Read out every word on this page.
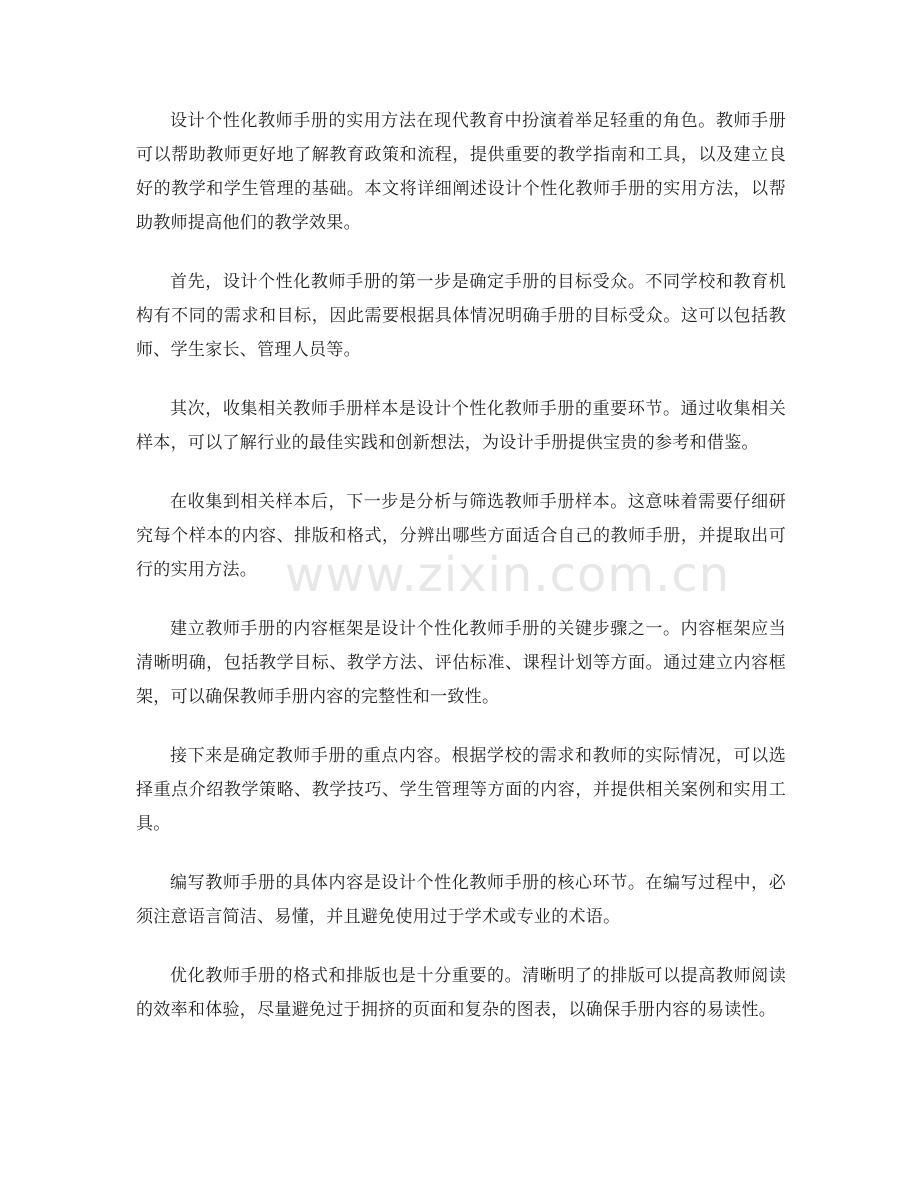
设计个性化教师手册的实用方法在现代教育中扮演着举足轻重的角色。教师手册可以帮助教师更好地了解教育政策和流程，提供重要的教学指南和工具，以及建立良好的教学和学生管理的基础。本文将详细阐述设计个性化教师手册的实用方法，以帮助教师提高他们的教学效果。

首先，设计个性化教师手册的第一步是确定手册的目标受众。不同学校和教育机构有不同的需求和目标，因此需要根据具体情况明确手册的目标受众。这可以包括教师、学生家长、管理人员等。

其次，收集相关教师手册样本是设计个性化教师手册的重要环节。通过收集相关样本，可以了解行业的最佳实践和创新想法，为设计手册提供宝贵的参考和借鉴。

在收集到相关样本后，下一步是分析与筛选教师手册样本。这意味着需要仔细研究每个样本的内容、排版和格式，分辨出哪些方面适合自己的教师手册，并提取出可行的实用方法。

建立教师手册的内容框架是设计个性化教师手册的关键步骤之一。内容框架应当清晰明确，包括教学目标、教学方法、评估标准、课程计划等方面。通过建立内容框架，可以确保教师手册内容的完整性和一致性。

接下来是确定教师手册的重点内容。根据学校的需求和教师的实际情况，可以选择重点介绍教学策略、教学技巧、学生管理等方面的内容，并提供相关案例和实用工具。

编写教师手册的具体内容是设计个性化教师手册的核心环节。在编写过程中，必须注意语言简洁、易懂，并且避免使用过于学术或专业的术语。

优化教师手册的格式和排版也是十分重要的。清晰明了的排版可以提高教师阅读的效率和体验，尽量避免过于拥挤的页面和复杂的图表，以确保手册内容的易读性。

www.zixin.com.cn
